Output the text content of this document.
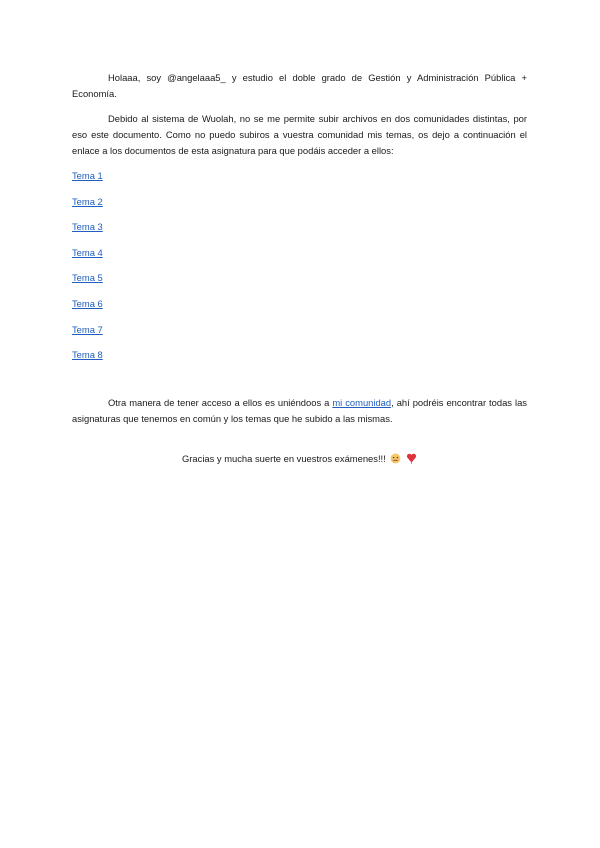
Holaaa, soy @angelaaa5_ y estudio el doble grado de Gestión y Administración Pública + Economía.

Debido al sistema de Wuolah, no se me permite subir archivos en dos comunidades distintas, por eso este documento. Como no puedo subiros a vuestra comunidad mis temas, os dejo a continuación el enlace a los documentos de esta asignatura para que podáis acceder a ellos:

Tema 1
Tema 2
Tema 3
Tema 4
Tema 5
Tema 6
Tema 7
Tema 8

Otra manera de tener acceso a ellos es uniéndoos a mi comunidad, ahí podréis encontrar todas las asignaturas que tenemos en común y los temas que he subido a las mismas.

Gracias y mucha suerte en vuestros exámenes!!!
